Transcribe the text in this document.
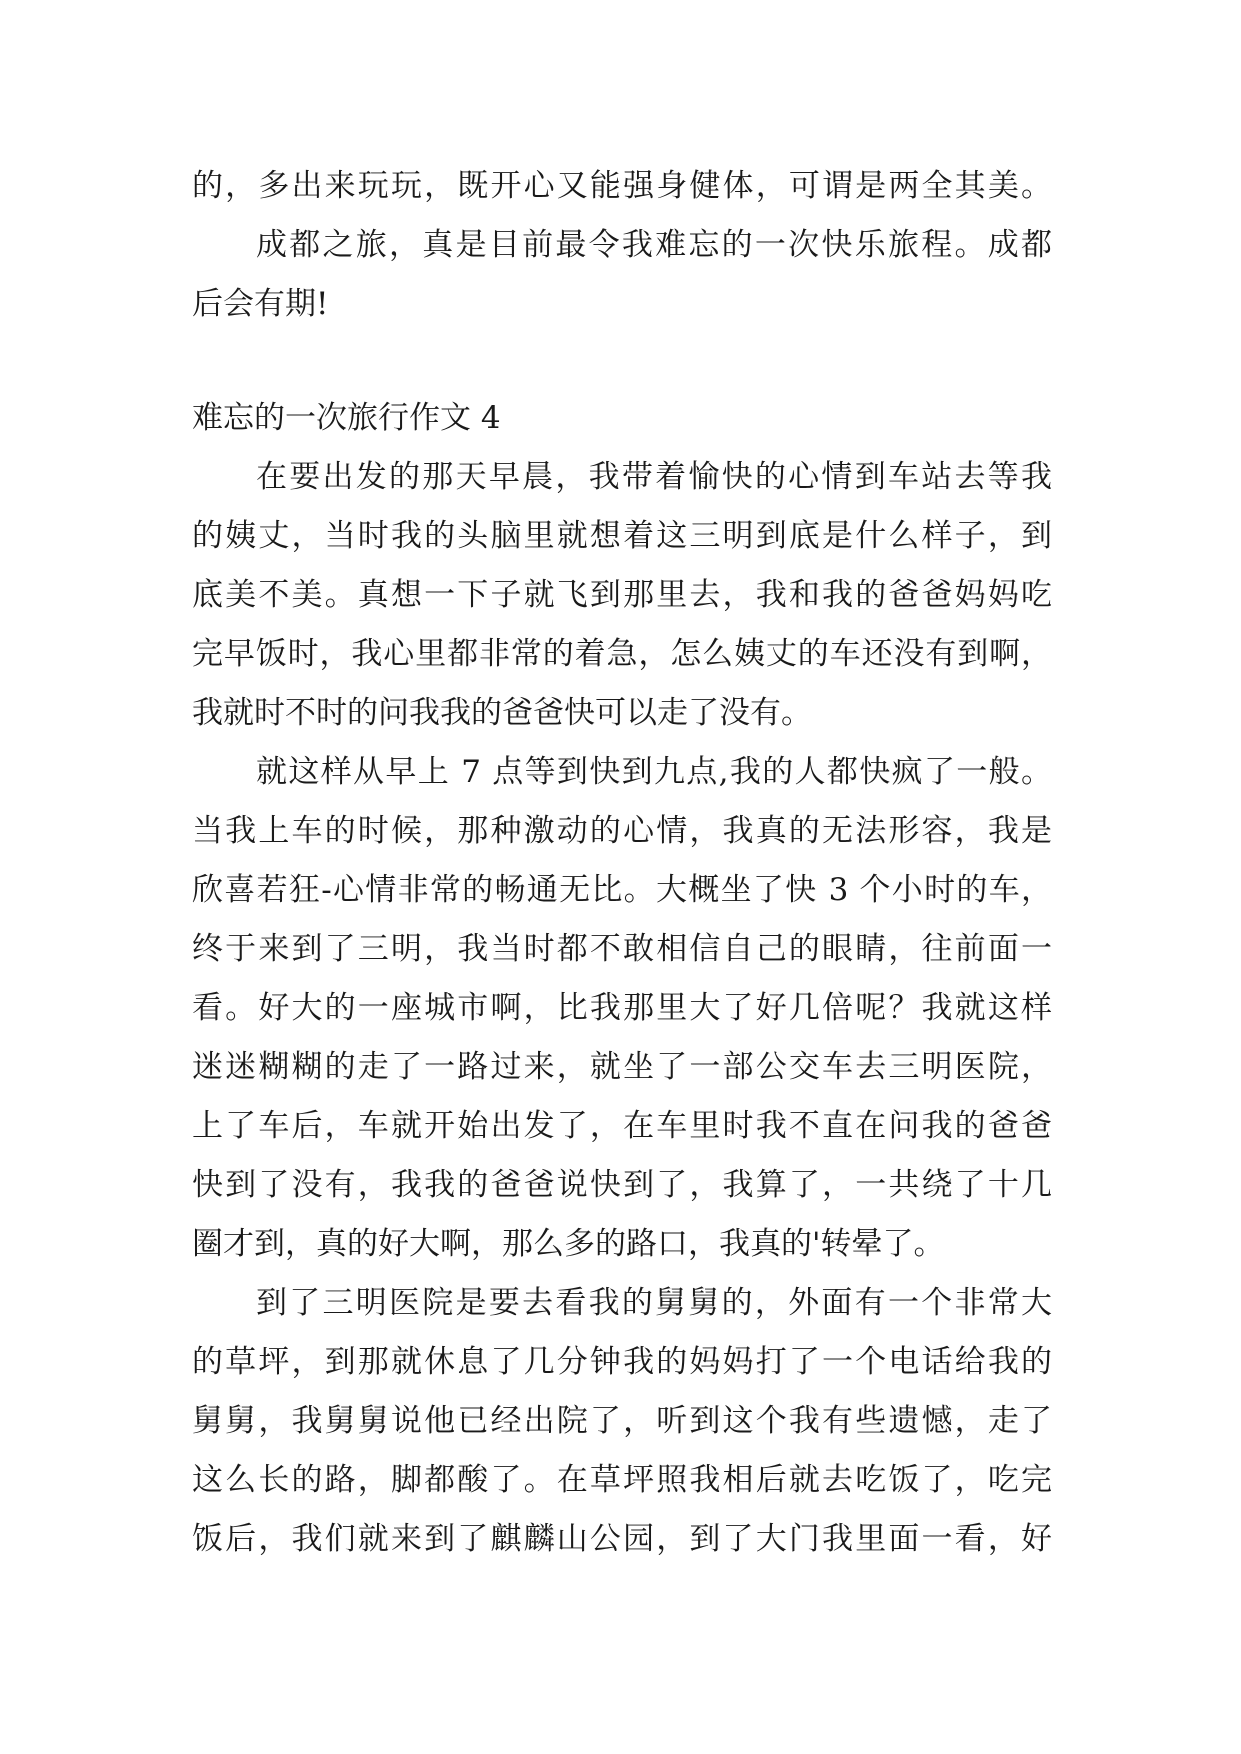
的，多出来玩玩，既开心又能强身健体，可谓是两全其美。
成都之旅，真是目前最令我难忘的一次快乐旅程。成都
后会有期!
难忘的一次旅行作文 4
在要出发的那天早晨，我带着愉快的心情到车站去等我
的姨丈，当时我的头脑里就想着这三明到底是什么样子，到
底美不美。真想一下子就飞到那里去，我和我的爸爸妈妈吃
完早饭时，我心里都非常的着急，怎么姨丈的车还没有到啊，
我就时不时的问我我的爸爸快可以走了没有。
就这样从早上 7 点等到快到九点,我的人都快疯了一般。
当我上车的时候，那种激动的心情，我真的无法形容，我是
欣喜若狂-心情非常的畅通无比。大概坐了快 3 个小时的车，
终于来到了三明，我当时都不敢相信自己的眼睛，往前面一
看。好大的一座城市啊，比我那里大了好几倍呢？我就这样
迷迷糊糊的走了一路过来，就坐了一部公交车去三明医院，
上了车后，车就开始出发了，在车里时我不直在问我的爸爸
快到了没有，我我的爸爸说快到了，我算了，一共绕了十几
圈才到，真的好大啊，那么多的路口，我真的'转晕了。
到了三明医院是要去看我的舅舅的，外面有一个非常大
的草坪，到那就休息了几分钟我的妈妈打了一个电话给我的
舅舅，我舅舅说他已经出院了，听到这个我有些遗憾，走了
这么长的路，脚都酸了。在草坪照我相后就去吃饭了，吃完
饭后，我们就来到了麒麟山公园，到了大门我里面一看，好
